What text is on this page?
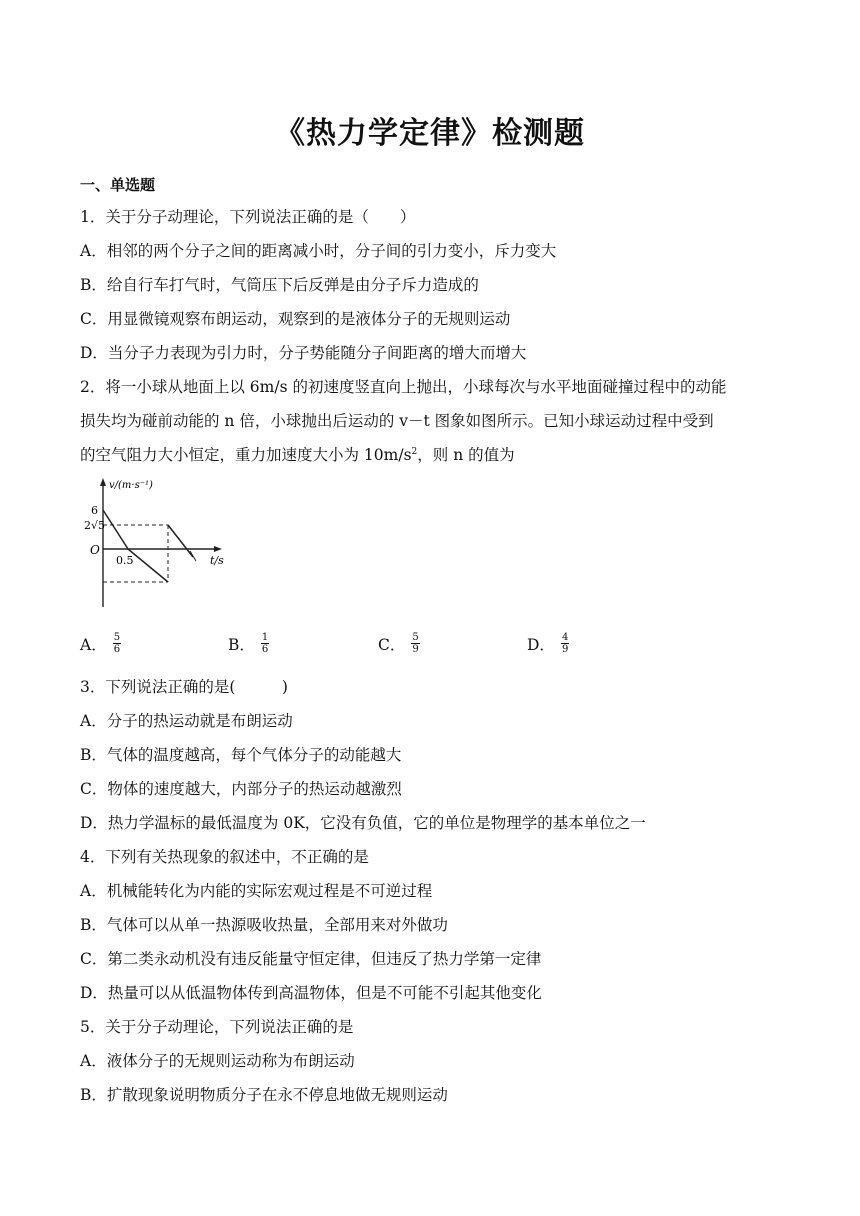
《热力学定律》检测题
一、单选题
1．关于分子动理论，下列说法正确的是（　　）
A．相邻的两个分子之间的距离减小时，分子间的引力变小，斥力变大
B．给自行车打气时，气筒压下后反弹是由分子斥力造成的
C．用显微镜观察布朗运动，观察到的是液体分子的无规则运动
D．当分子力表现为引力时，分子势能随分子间距离的增大而增大
2．将一小球从地面上以 6m/s 的初速度竖直向上抛出，小球每次与水平地面碰撞过程中的动能
损失均为碰前动能的 n 倍，小球抛出后运动的 v－t 图象如图所示。已知小球运动过程中受到
的空气阻力大小恒定，重力加速度大小为 $10m/s^2$，则 n 的值为
v/(m·s⁻¹)
6
2√5
O
0.5	t/s
A． $\frac{5}{6}$	B． $\frac{1}{6}$	C． $\frac{5}{9}$	D． $\frac{4}{9}$
3．下列说法正确的是(　　　)
A．分子的热运动就是布朗运动
B．气体的温度越高，每个气体分子的动能越大
C．物体的速度越大，内部分子的热运动越激烈
D．热力学温标的最低温度为 0K，它没有负值，它的单位是物理学的基本单位之一
4．下列有关热现象的叙述中，不正确的是
A．机械能转化为内能的实际宏观过程是不可逆过程
B．气体可以从单一热源吸收热量，全部用来对外做功
C．第二类永动机没有违反能量守恒定律，但违反了热力学第一定律
D．热量可以从低温物体传到高温物体，但是不可能不引起其他变化
5．关于分子动理论，下列说法正确的是
A．液体分子的无规则运动称为布朗运动
B．扩散现象说明物质分子在永不停息地做无规则运动
